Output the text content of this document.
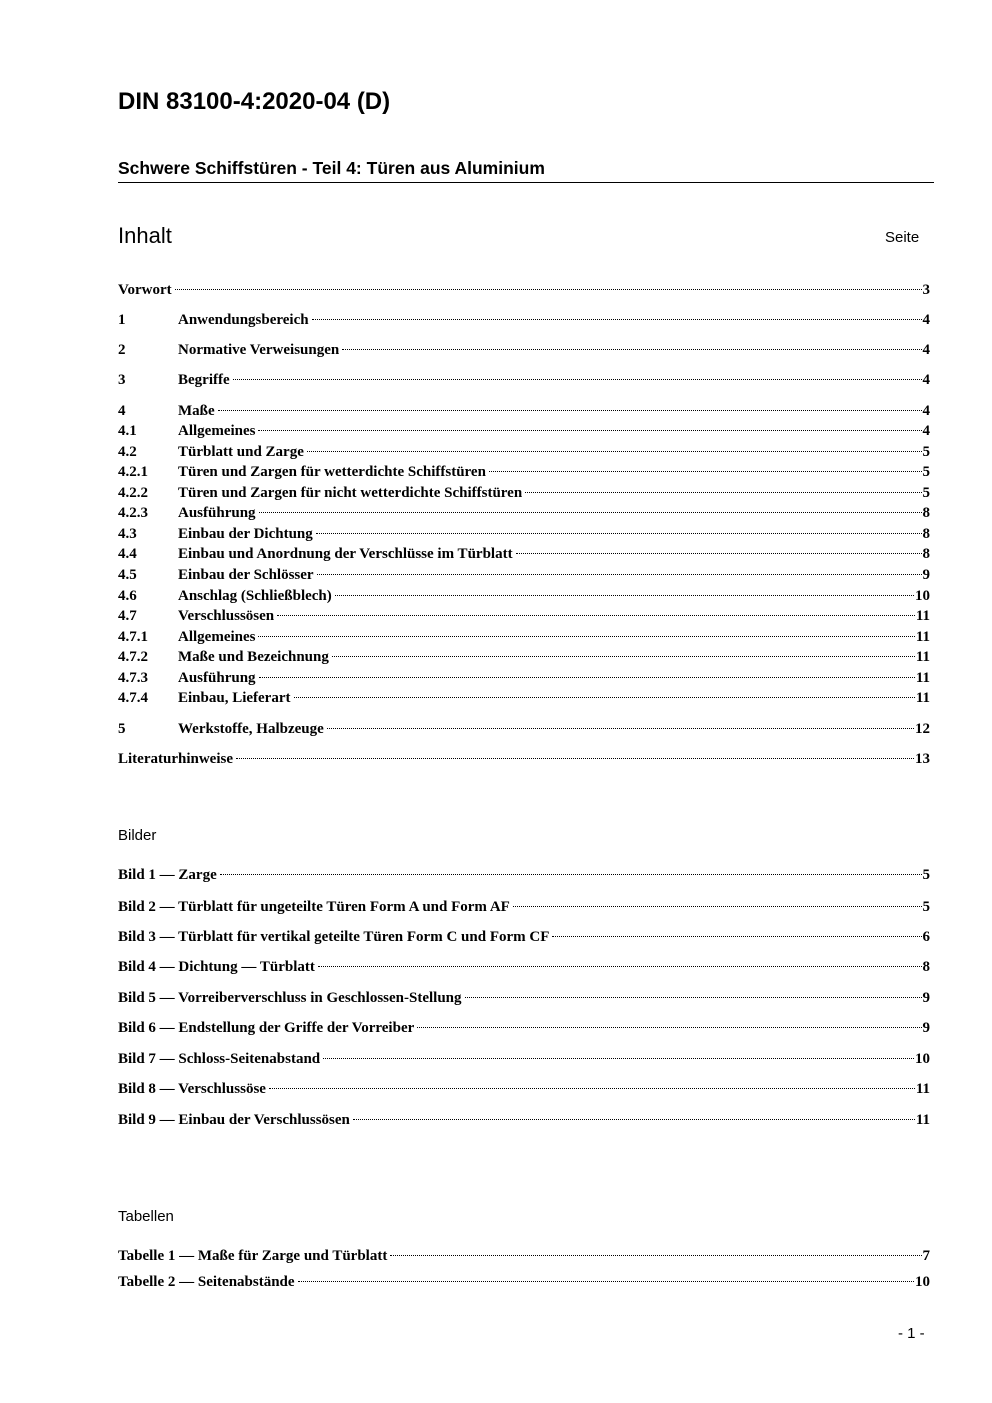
DIN 83100-4:2020-04 (D)
Schwere Schiffstüren - Teil 4: Türen aus Aluminium
Inhalt	Seite
Vorwort	3
1	Anwendungsbereich	4
2	Normative Verweisungen	4
3	Begriffe	4
4	Maße	4
4.1	Allgemeines	4
4.2	Türblatt und Zarge	5
4.2.1	Türen und Zargen für wetterdichte Schiffstüren	5
4.2.2	Türen und Zargen für nicht wetterdichte Schiffstüren	5
4.2.3	Ausführung	8
4.3	Einbau der Dichtung	8
4.4	Einbau und Anordnung der Verschlüsse im Türblatt	8
4.5	Einbau der Schlösser	9
4.6	Anschlag (Schließblech)	10
4.7	Verschlussösen	11
4.7.1	Allgemeines	11
4.7.2	Maße und Bezeichnung	11
4.7.3	Ausführung	11
4.7.4	Einbau, Lieferart	11
5	Werkstoffe, Halbzeuge	12
Literaturhinweise	13
Bilder
Bild 1 — Zarge	5
Bild 2 — Türblatt für ungeteilte Türen Form A und Form AF	5
Bild 3 — Türblatt für vertikal geteilte Türen Form C und Form CF	6
Bild 4 — Dichtung — Türblatt	8
Bild 5 — Vorreiberverschluss in Geschlossen-Stellung	9
Bild 6 — Endstellung der Griffe der Vorreiber	9
Bild 7 — Schloss-Seitenabstand	10
Bild 8 — Verschlussöse	11
Bild 9 — Einbau der Verschlussösen	11
Tabellen
Tabelle 1 — Maße für Zarge und Türblatt	7
Tabelle 2 — Seitenabstände	10
- 1 -
